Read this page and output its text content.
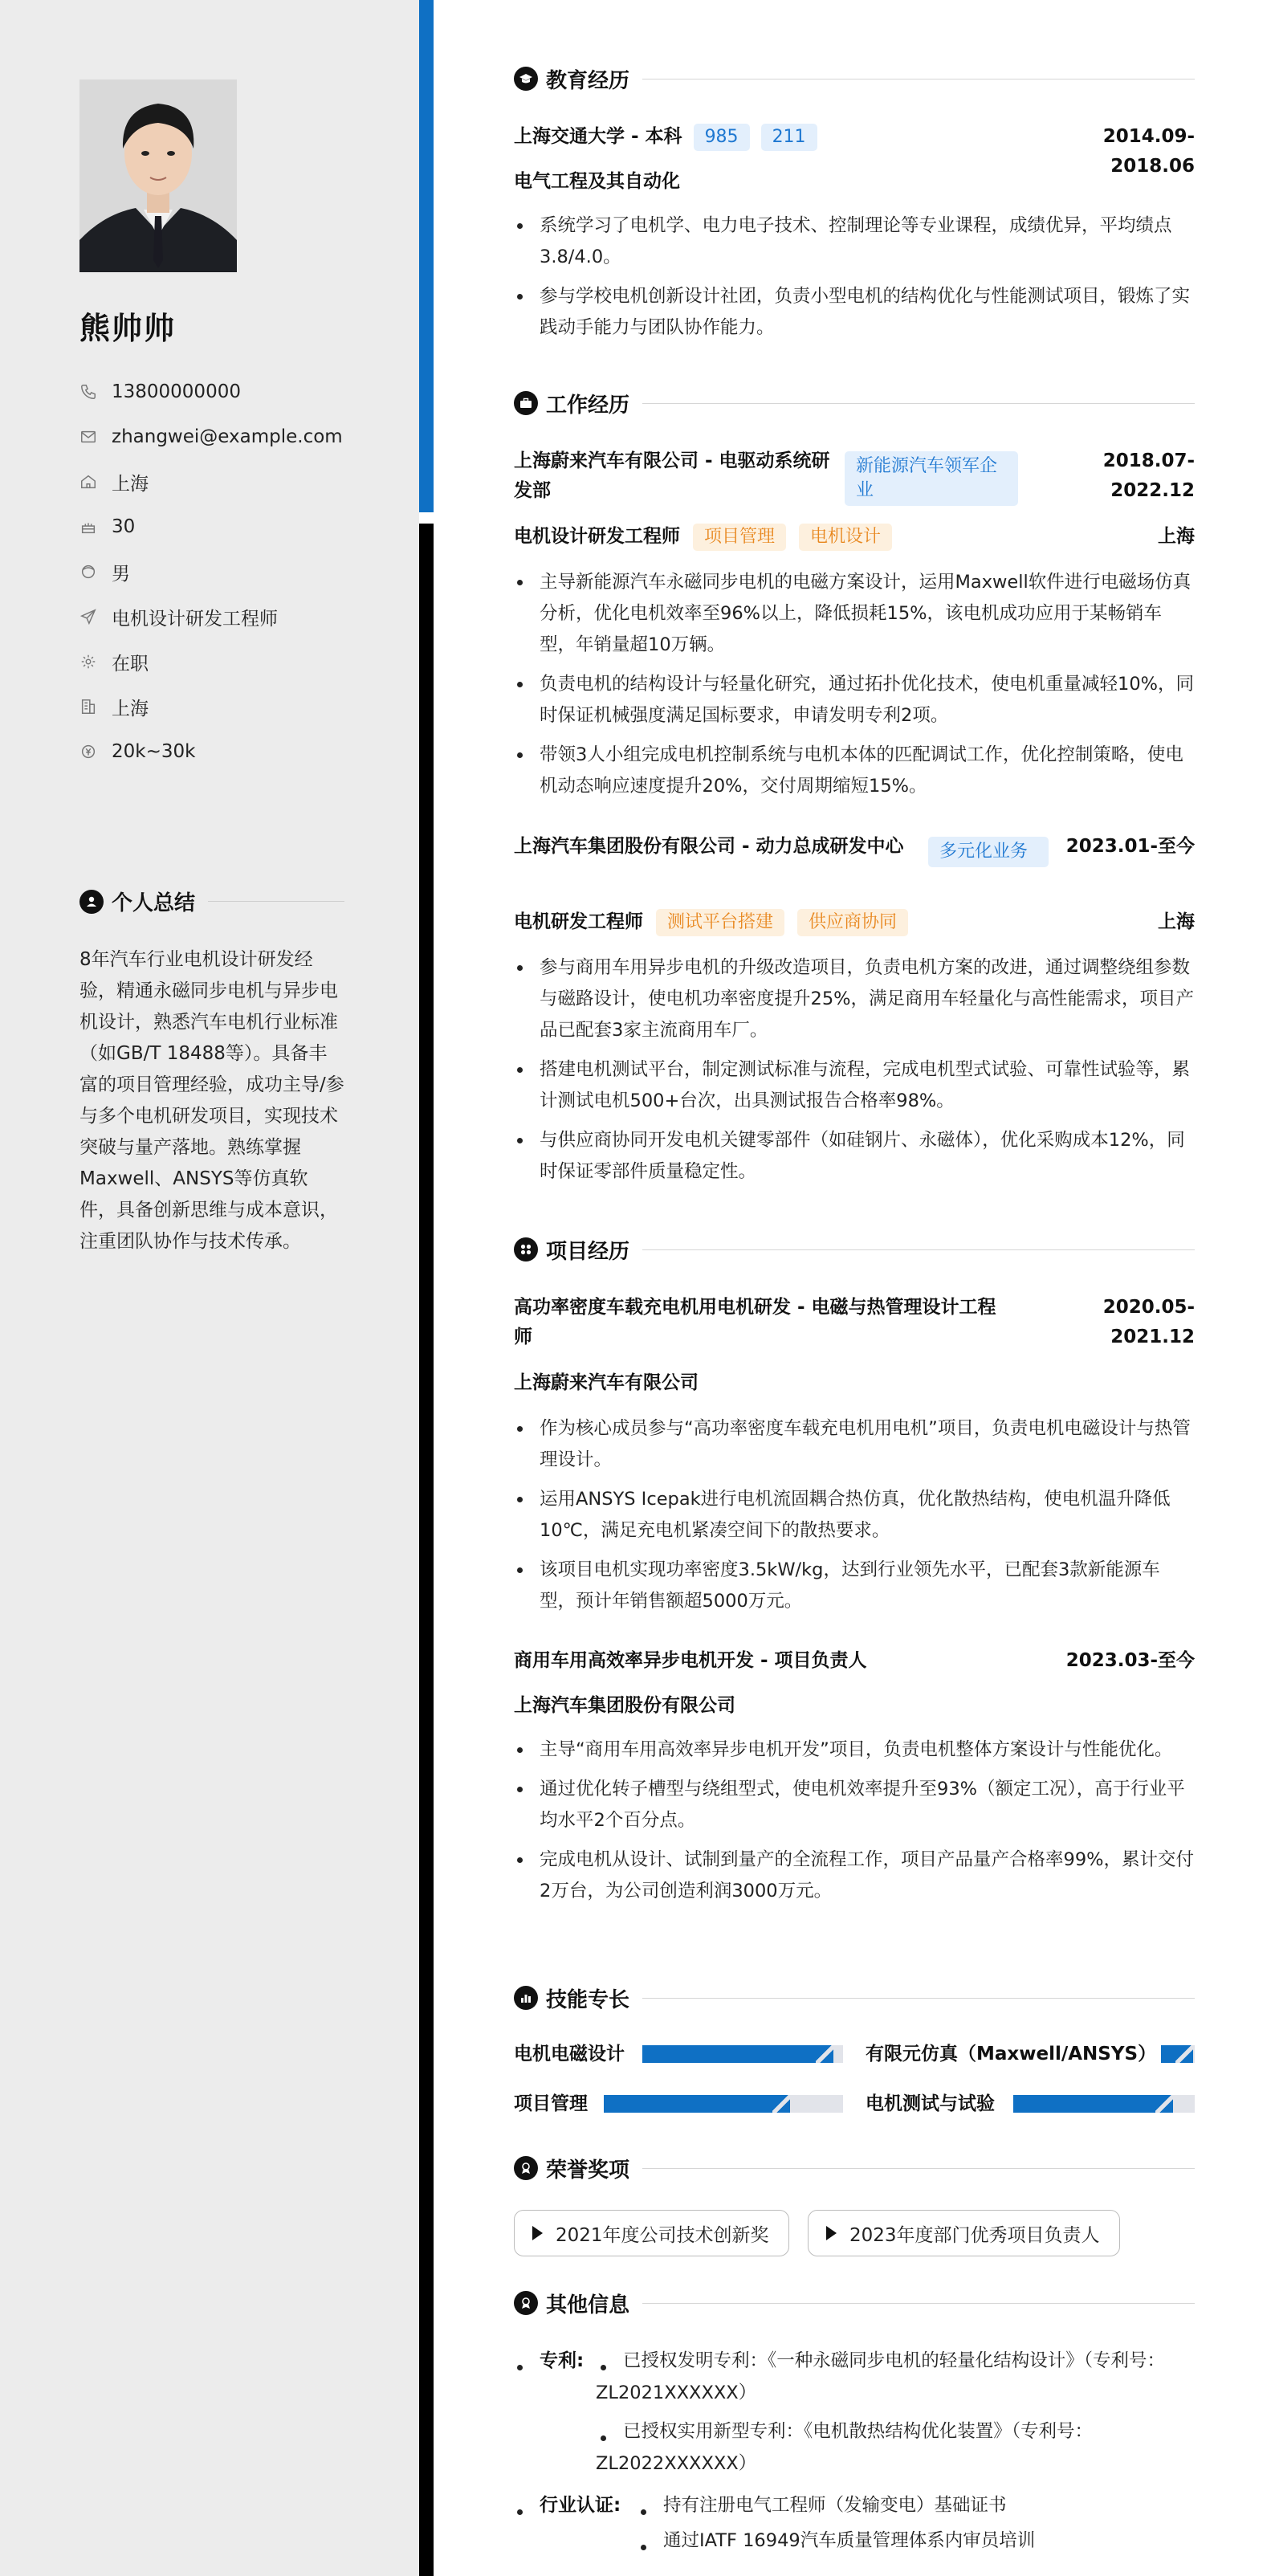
熊帅帅
13800000000
zhangwei@example.com
上海
30
男
电机设计研发工程师
在职
上海
20k~30k
个人总结
8年汽车行业电机设计研发经验，精通永磁同步电机与异步电机设计，熟悉汽车电机行业标准（如GB/T 18488等）。具备丰富的项目管理经验，成功主导/参与多个电机研发项目，实现技术突破与量产落地。熟练掌握Maxwell、ANSYS等仿真软件，具备创新思维与成本意识，注重团队协作与技术传承。
教育经历
上海交通大学 - 本科	985	211	2014.09-2018.06
电气工程及其自动化
系统学习了电机学、电力电子技术、控制理论等专业课程，成绩优异，平均绩点3.8/4.0。
参与学校电机创新设计社团，负责小型电机的结构优化与性能测试项目，锻炼了实践动手能力与团队协作能力。
工作经历
上海蔚来汽车有限公司 - 电驱动系统研发部
新能源汽车领军企业
2018.07-2022.12
电机设计研发工程师	项目管理	电机设计	上海
主导新能源汽车永磁同步电机的电磁方案设计，运用Maxwell软件进行电磁场仿真分析，优化电机效率至96%以上，降低损耗15%，该电机成功应用于某畅销车型，年销量超10万辆。
负责电机的结构设计与轻量化研究，通过拓扑优化技术，使电机重量减轻10%，同时保证机械强度满足国标要求，申请发明专利2项。
带领3人小组完成电机控制系统与电机本体的匹配调试工作，优化控制策略，使电机动态响应速度提升20%，交付周期缩短15%。
上海汽车集团股份有限公司 - 动力总成研发中心	多元化业务	2023.01-至今
电机研发工程师	测试平台搭建	供应商协同	上海
参与商用车用异步电机的升级改造项目，负责电机方案的改进，通过调整绕组参数与磁路设计，使电机功率密度提升25%，满足商用车轻量化与高性能需求，项目产品已配套3家主流商用车厂。
搭建电机测试平台，制定测试标准与流程，完成电机型式试验、可靠性试验等，累计测试电机500+台次，出具测试报告合格率98%。
与供应商协同开发电机关键零部件（如硅钢片、永磁体），优化采购成本12%，同时保证零部件质量稳定性。
项目经历
高功率密度车载充电机用电机研发 - 电磁与热管理设计工程师
2020.05-2021.12
上海蔚来汽车有限公司
作为核心成员参与“高功率密度车载充电机用电机”项目，负责电机电磁设计与热管理设计。
运用ANSYS Icepak进行电机流固耦合热仿真，优化散热结构，使电机温升降低10℃，满足充电机紧凑空间下的散热要求。
该项目电机实现功率密度3.5kW/kg，达到行业领先水平，已配套3款新能源车型，预计年销售额超5000万元。
商用车用高效率异步电机开发 - 项目负责人	2023.03-至今
上海汽车集团股份有限公司
主导“商用车用高效率异步电机开发”项目，负责电机整体方案设计与性能优化。
通过优化转子槽型与绕组型式，使电机效率提升至93%（额定工况），高于行业平均水平2个百分点。
完成电机从设计、试制到量产的全流程工作，项目产品量产合格率99%，累计交付2万台，为公司创造利润3000万元。
技能专长
电机电磁设计	有限元仿真（Maxwell/ANSYS）
项目管理	电机测试与试验
荣誉奖项
2021年度公司技术创新奖	2023年度部门优秀项目负责人
其他信息
专利:	已授权发明专利：《一种永磁同步电机的轻量化结构设计》（专利号：ZL2021XXXXXX）
已授权实用新型专利：《电机散热结构优化装置》（专利号：ZL2022XXXXXX）
行业认证: 持有注册电气工程师（发输变电）基础证书
通过IATF 16949汽车质量管理体系内审员培训
